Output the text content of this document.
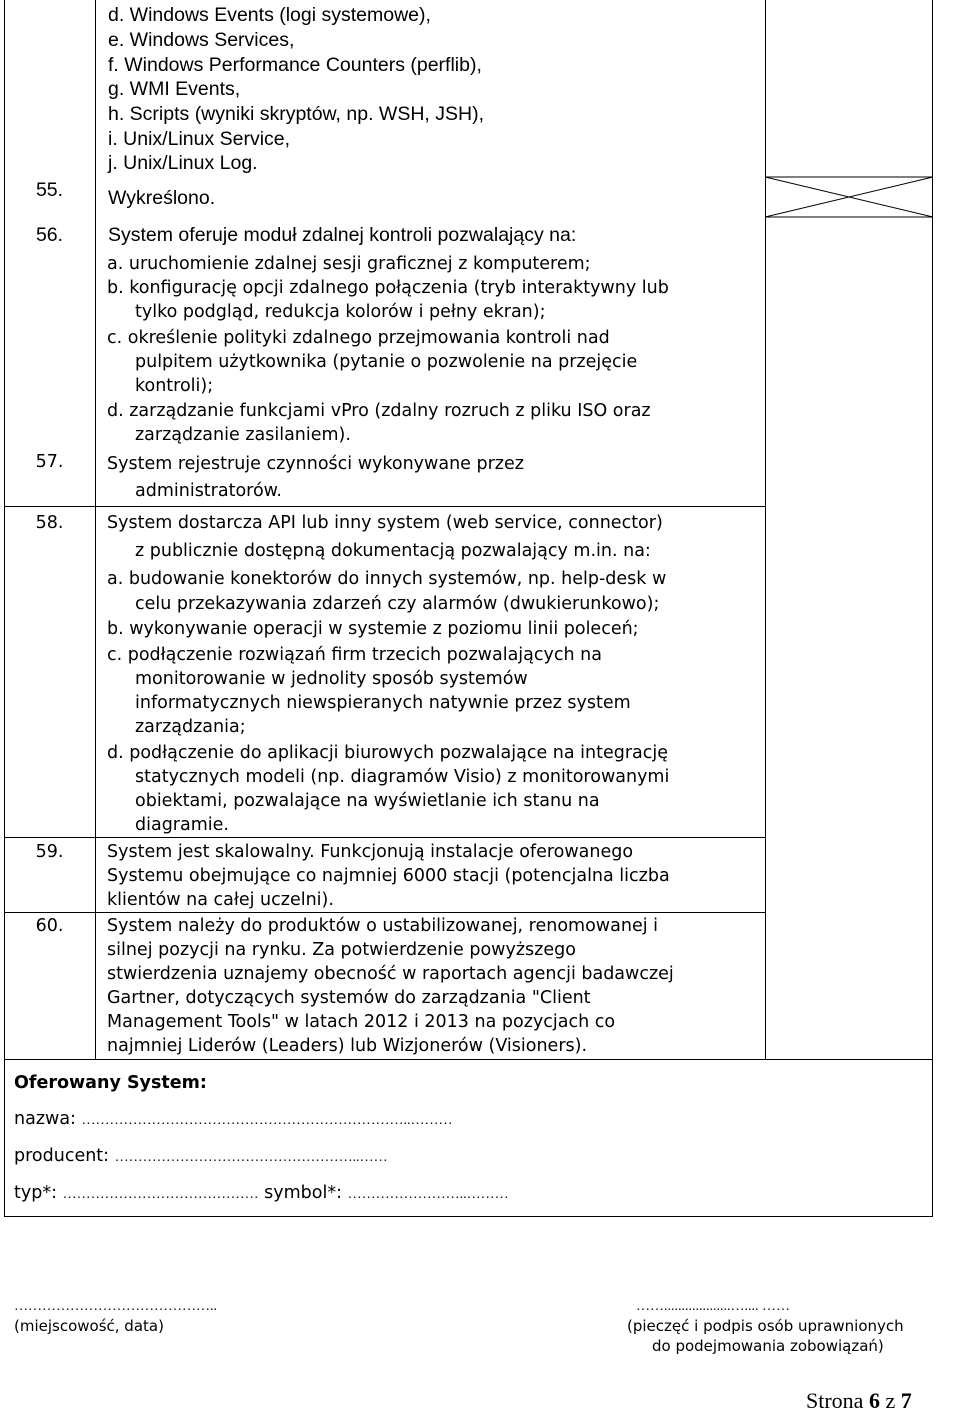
d. Windows Events (logi systemowe),
e. Windows Services,
f. Windows Performance Counters (perflib),
g. WMI Events,
h. Scripts (wyniki skryptów, np. WSH, JSH),
i. Unix/Linux Service,
j. Unix/Linux Log.
55.	Wykreślono.
56.	System oferuje moduł zdalnej kontroli pozwalający na:
a. uruchomienie zdalnej sesji graficznej z komputerem;
b. konfigurację opcji zdalnego połączenia (tryb interaktywny lub
tylko podgląd, redukcja kolorów i pełny ekran);
c. określenie polityki zdalnego przejmowania kontroli nad
pulpitem użytkownika (pytanie o pozwolenie na przejęcie
kontroli);
d. zarządzanie funkcjami vPro (zdalny rozruch z pliku ISO oraz
zarządzanie zasilaniem).
57.	System rejestruje czynności wykonywane przez
administratorów.
58.	System dostarcza API lub inny system (web service, connector)
z publicznie dostępną dokumentacją pozwalający m.in. na:
a. budowanie konektorów do innych systemów, np. help-desk w
celu przekazywania zdarzeń czy alarmów (dwukierunkowo);
b. wykonywanie operacji w systemie z poziomu linii poleceń;
c. podłączenie rozwiązań firm trzecich pozwalających na
monitorowanie w jednolity sposób systemów
informatycznych niewspieranych natywnie przez system
zarządzania;
d. podłączenie do aplikacji biurowych pozwalające na integrację
statycznych modeli (np. diagramów Visio) z monitorowanymi
obiektami, pozwalające na wyświetlanie ich stanu na
diagramie.
59.	System jest skalowalny. Funkcjonują instalacje oferowanego
Systemu obejmujące co najmniej 6000 stacji (potencjalna liczba
klientów na całej uczelni).
60.	System należy do produktów o ustabilizowanej, renomowanej i
silnej pozycji na rynku. Za potwierdzenie powyższego
stwierdzenia uznajemy obecność w raportach agencji badawczej
Gartner, dotyczących systemów do zarządzania "Client
Management Tools" w latach 2012 i 2013 na pozycjach co
najmniej Liderów (Leaders) lub Wizjonerów (Visioners).
Oferowany System:
nazwa: ……………………………………………………………..………
producent: ……………………………………………..……
typ*: …………………………………… symbol*: ……………………..………
……………………………………..
(miejscowość, data)
……...................….... ……
(pieczęć i podpis osób uprawnionych
do podejmowania zobowiązań)
Strona 6 z 7
